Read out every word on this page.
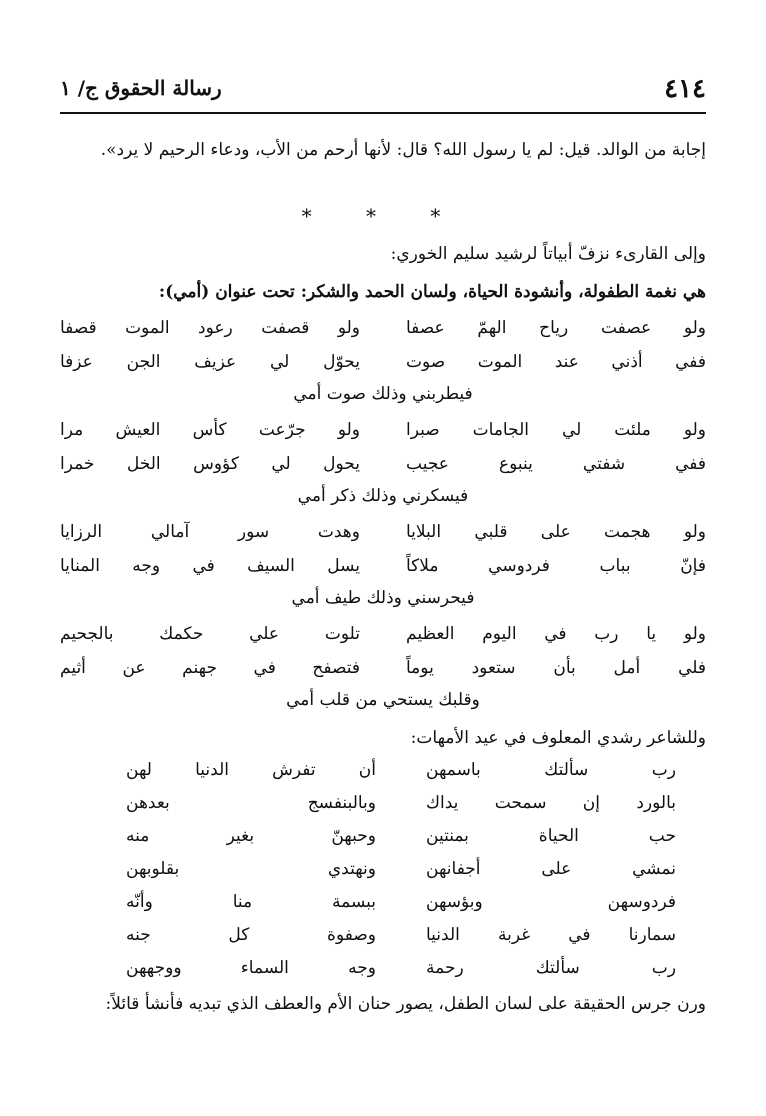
٤١٤
رسالة الحقوق ج/ ١
إجابة من الوالد. قيل: لم يا رسول الله؟ قال: لأنها أرحم من الأب، ودعاء الرحيم لا يرد».
* * *
وإلى القارىء نزفّ أبياتاً لرشيد سليم الخوري:
هي نغمة الطفولة، وأنشودة الحياة، ولسان الحمد والشكر: تحت عنوان (أمي):
ولو عصفت رياح الهمّ عصفا
ولو قصفت رعود الموت قصفا
ففي أذني عند الموت صوت
يحوّل لي عزيف الجن عزفا
فيطربني وذلك صوت أمي
ولو ملئت لي الجامات صبرا
ولو جرّعت كأس العيش مرا
ففي شفتي ينبوع عجيب
يحول لي كؤوس الخل خمرا
فيسكرني وذلك ذكر أمي
ولو هجمت على قلبي البلايا
وهدت سور آمالي الرزايا
فإنّ بباب فردوسي ملاكاً
يسل السيف في وجه المنايا
فيحرسني وذلك طيف أمي
ولو يا رب في اليوم العظيم
تلوت علي حكمك بالجحيم
فلي أمل بأن ستعود يوماً
فتصفح في جهنم عن أثيم
وقلبك يستحي من قلب أمي
وللشاعر رشدي المعلوف في عيد الأمهات:
رب سألتك باسمهن
أن تفرش الدنيا لهن
بالورد إن سمحت يداك
وبالبنفسج بعدهن
حب الحياة بمنتين
وحبهنّ بغير منه
نمشي على أجفانهن
ونهتدي بقلوبهن
فردوسهن وبؤسهن
ببسمة منا وأنّه
سمارنا في غربة الدنيا
وصفوة كل جنه
رب سألتك رحمة
وجه السماء ووجههن
ورن جرس الحقيقة على لسان الطفل، يصور حنان الأم والعطف الذي تبديه فأنشأ قائلاً:
